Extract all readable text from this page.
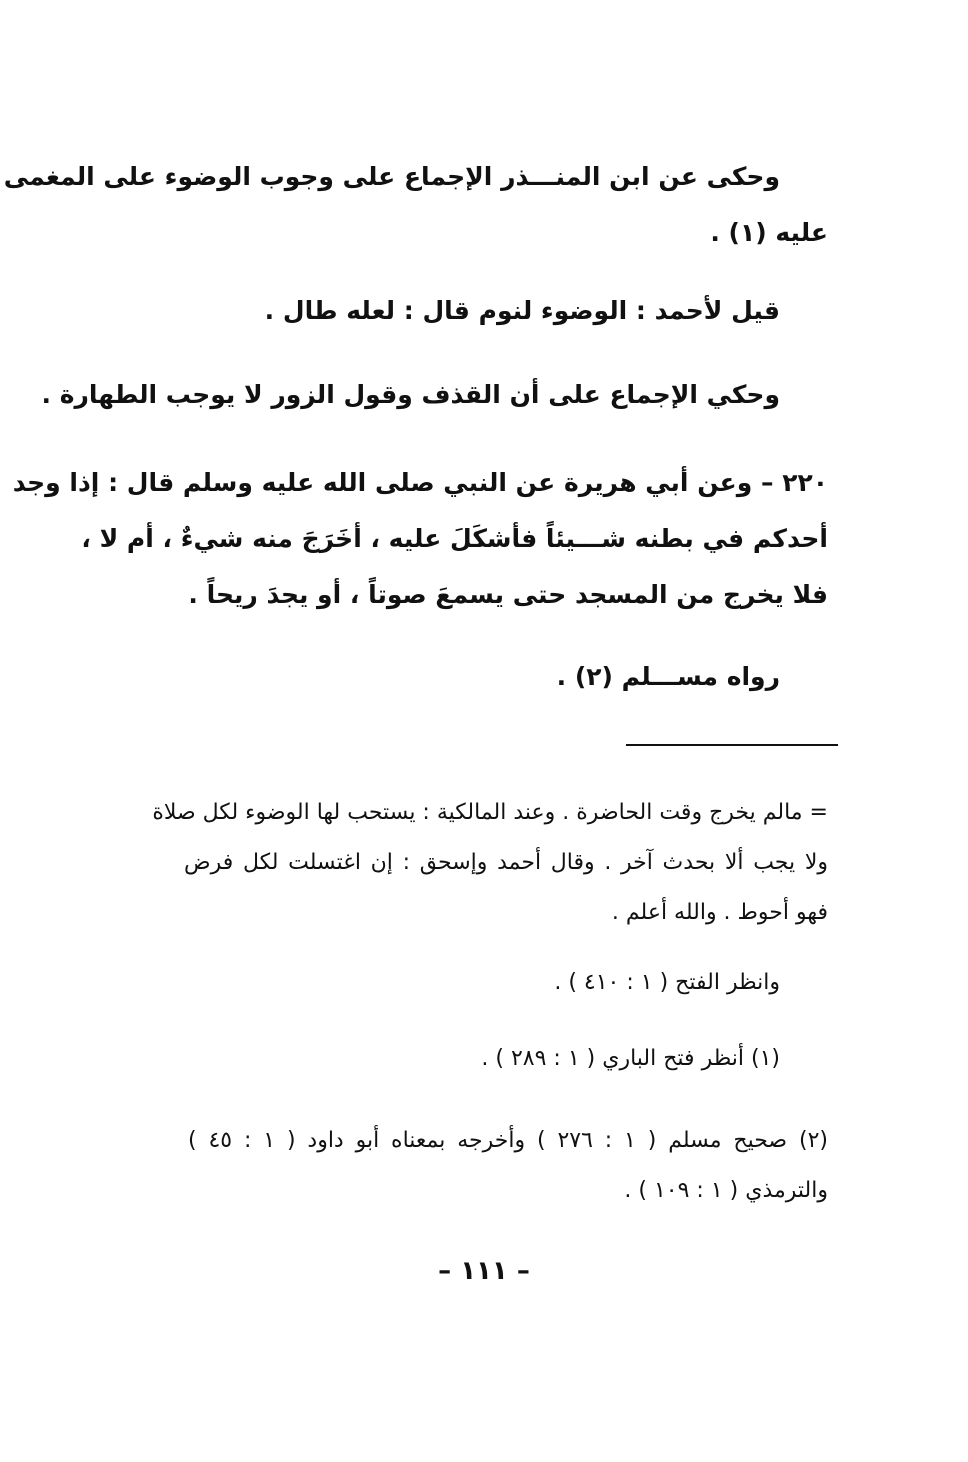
وحكى عن ابن المنـــذر الإجماع على وجوب الوضوء على المغمى

عليه (١) .

قيل لأحمد : الوضوء لنوم قال : لعله طال .

وحكي الإجماع على أن القذف وقول الزور لا يوجب الطهارة .

٢٢٠ – وعن أبي هريرة عن النبي صلى الله عليه وسلم قال : إذا وجد

أحدكم في بطنه شـــيئاً فأشكَلَ عليه ، أخَرَجَ منه شيءٌ ، أم لا ،

فلا يخرج من المسجد حتى يسمعَ صوتاً ، أو يجدَ ريحاً .

رواه مســـلم (٢) .

= مالم يخرج وقت الحاضرة . وعند المالكية : يستحب لها الوضوء لكل صلاة

ولا يجب ألا بحدث آخر . وقال أحمد وإسحق : إن اغتسلت لكل فرض

فهو أحوط . والله أعلم .

وانظر الفتح ( ١ : ٤١٠ ) .

(١) أنظر فتح الباري ( ١ : ٢٨٩ ) .

(٢) صحيح مسلم ( ١ : ٢٧٦ ) وأخرجه بمعناه أبو داود ( ١ : ٤٥ )

والترمذي ( ١ : ١٠٩ ) .

– ١١١ –
